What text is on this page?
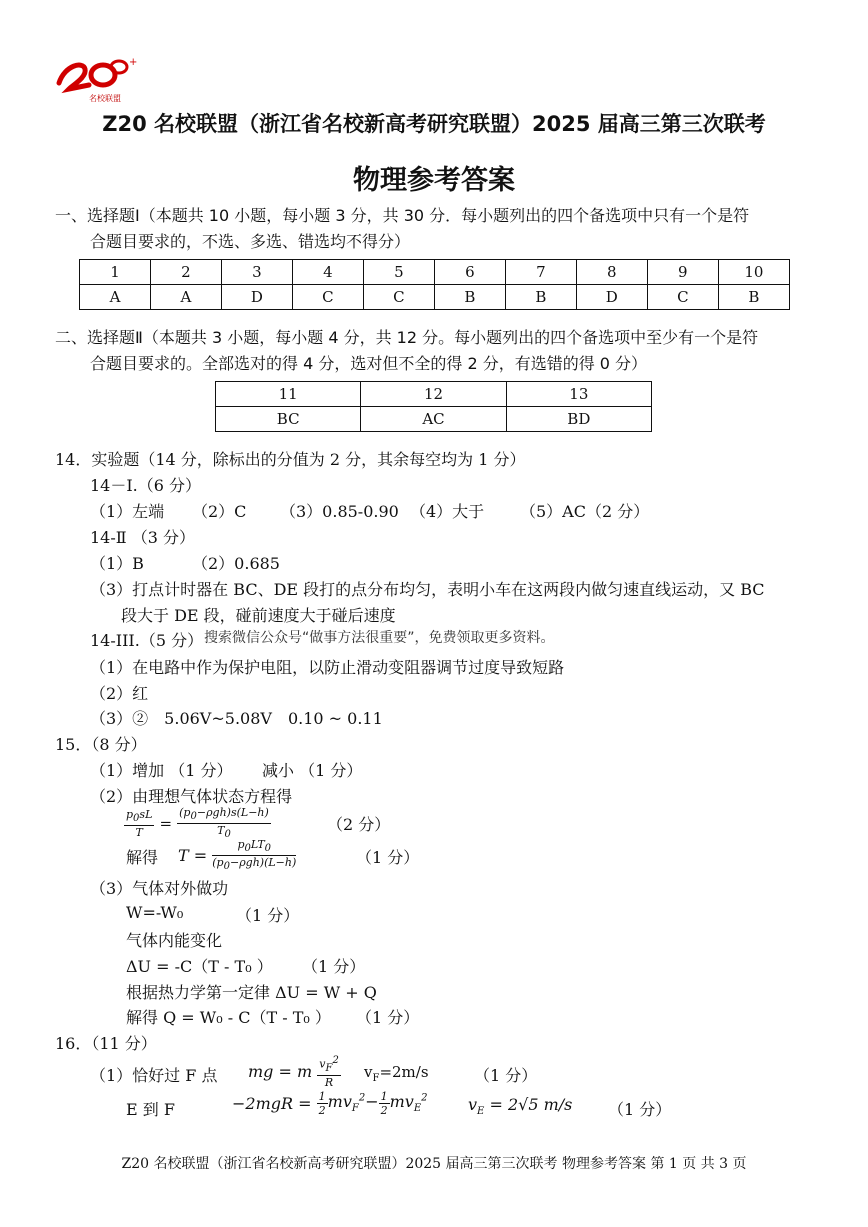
+
名校联盟
Z20 名校联盟（浙江省名校新高考研究联盟）2025 届高三第三次联考
物理参考答案
一、选择题Ⅰ（本题共 10 小题，每小题 3 分，共 30 分．每小题列出的四个备选项中只有一个是符
合题目要求的，不选、多选、错选均不得分）
1	2	3	4	5	6	7	8	9	10
A	A	D	C	C	B	B	D	C	B
二、选择题Ⅱ（本题共 3 小题，每小题 4 分，共 12 分。每小题列出的四个备选项中至少有一个是符
合题目要求的。全部选对的得 4 分，选对但不全的得 2 分，有选错的得 0 分）
11	12	13
BC	AC	BD
14．实验题（14 分，除标出的分值为 2 分，其余每空均为 1 分）
14－I.（6 分）
（1）左端 （2）C （3）0.85-0.90 （4）大于 （5）AC（2 分）
14-Ⅱ （3 分）
（1）B	（2）0.685
（3）打点计时器在 BC、DE 段打的点分布均匀，表明小车在这两段内做匀速直线运动，又 BC
段大于 DE 段，碰前速度大于碰后速度
14-III.（5 分） 搜索微信公众号“做事方法很重要”，免费领取更多资料。
（1）在电路中作为保护电阻，以防止滑动变阻器调节过度导致短路
（2）红
（3）②　5.06V~5.08V　0.10 ~ 0.11
15．（8 分）
（1）增加 （1 分） 减小 （1 分）
（2）由理想气体状态方程得
$\frac{p_0sL}{T} = \frac{(p_0-\rho gh)s(L-h)}{T_0}$	（2 分）
解得 $T = \frac{p_0LT_0}{(p_0-\rho gh)(L-h)}$	（1 分）
（3）气体对外做功
W=-W₀	（1 分）
气体内能变化
ΔU = -C（T - T₀ ） （1 分）
根据热力学第一定律 ΔU = W + Q
解得 Q = W₀ - C（T - T₀ ） （1 分）
16．（11 分）
（1）恰好过 F 点 mg = m $\frac{v_F^2}{R} v_F=2m/s$	（1 分）
E 到 F	$-2mgR = \frac{1}{2} mv_F^2- \frac{1}{2} mv_E^2$	$v_E = 2√5$ m/s （1 分）
Z20 名校联盟（浙江省名校新高考研究联盟）2025 届高三第三次联考 物理参考答案 第 1 页 共 3 页
